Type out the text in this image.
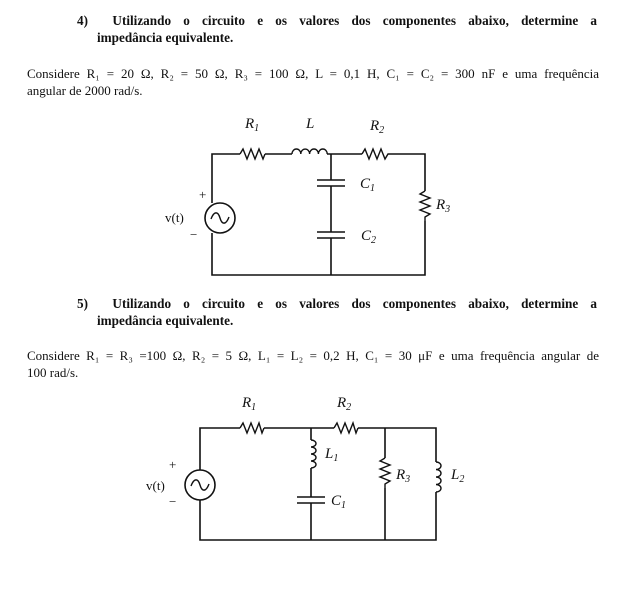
4) Utilizando o circuito e os valores dos componentes abaixo, determine a
impedância equivalente.
Considere R₁ = 20 Ω, R₂ = 50 Ω, R₃ = 100 Ω, L = 0,1 H, C₁ = C₂ = 300 nF e uma frequência
angular de 2000 rad/s.
5) Utilizando o circuito e os valores dos componentes abaixo, determine a
impedância equivalente.
Considere R₁ = R₃ =100 Ω, R₂ = 5 Ω, L₁ = L₂ = 0,2 H, C₁ = 30 μF e uma frequência angular de
100 rad/s.
+
−
v(t)
$R_1$	L	$R_2$
$C_1$
$C_2$
$R_3$
+
−
v(t)
$R_1$	$R_2$
$L_1$
$C_1$
$R_3$	$L_2$
